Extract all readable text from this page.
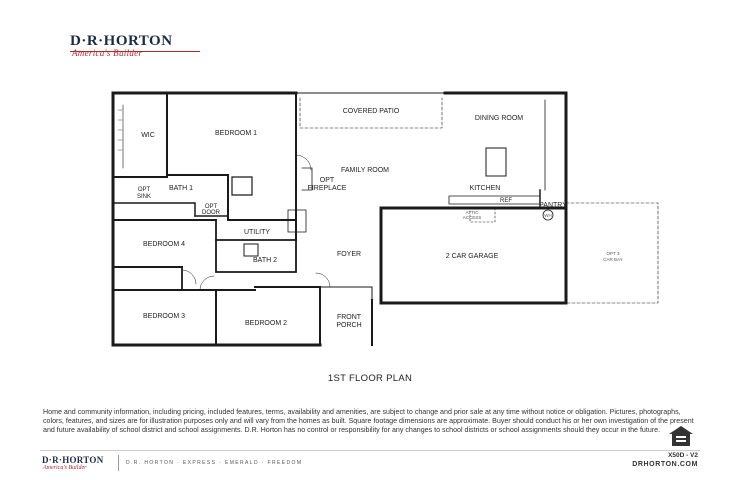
D·R·HORTON
America's Builder
WIC	BEDROOM 1
COVERED PATIO
DINING ROOM
FAMILY ROOM
OPT
FIREPLACE	KITCHEN
REF
PANTRY
ATTIC
ACCESS	WH
OPT
SINK
BATH 1
OPT
DOOR
UTILITY
BEDROOM 4
BATH 2
FOYER	2 CAR GARAGE	OPT 3
CAR BAY
BEDROOM 3
BEDROOM 2
FRONT
PORCH
1ST FLOOR PLAN
Home and community information, including pricing, included features, terms, availability and amenities, are subject to change and prior sale at any time without notice or obligation. Pictures, photographs, colors, features, and sizes are for illustration purposes only and will vary from the homes as built. Square footage dimensions are approximate. Buyer should conduct his or her own investigation of the present and future availability of school district and school assignments. D.R. Horton has no control or responsibility for any changes to school districts or school assignments should they occur in the future.
D·R·HORTON
America's Builder
D.R. HORTON · EXPRESS · EMERALD · FREEDOM
X50D - V2
DRHORTON.COM
